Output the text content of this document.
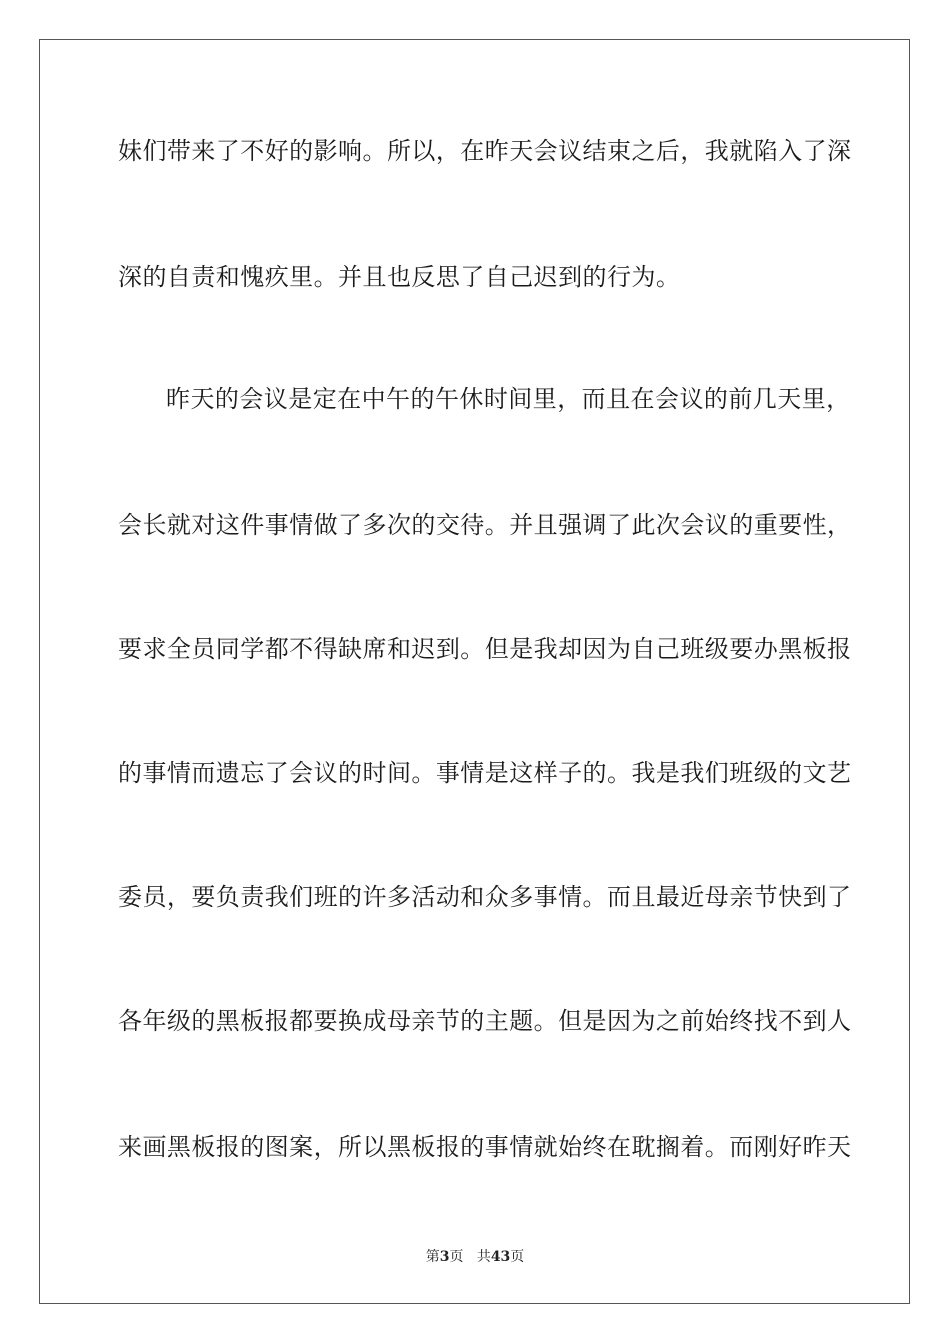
妹们带来了不好的影响。所以，在昨天会议结束之后，我就陷入了深
深的自责和愧疚里。并且也反思了自己迟到的行为。
昨天的会议是定在中午的午休时间里，而且在会议的前几天里，
会长就对这件事情做了多次的交待。并且强调了此次会议的重要性，
要求全员同学都不得缺席和迟到。但是我却因为自己班级要办黑板报
的事情而遗忘了会议的时间。事情是这样子的。我是我们班级的文艺
委员，要负责我们班的许多活动和众多事情。而且最近母亲节快到了
各年级的黑板报都要换成母亲节的主题。但是因为之前始终找不到人
来画黑板报的图案，所以黑板报的事情就始终在耽搁着。而刚好昨天
第3页 共43页
